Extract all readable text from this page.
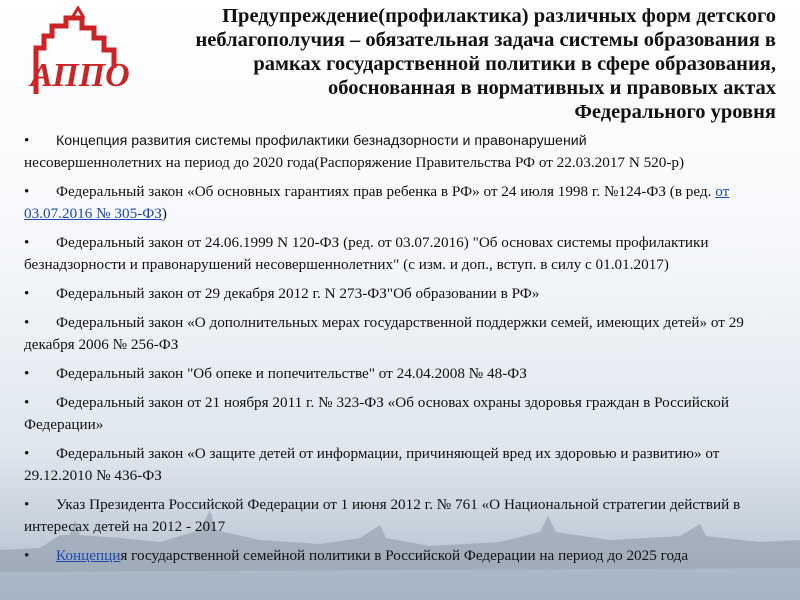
АППО
Предупреждение(профилактика) различных форм детского
неблагополучия – обязательная задача системы образования в
рамках государственной политики в сфере образования,
обоснованная в нормативных и правовых актах
Федерального уровня
• Концепция развития системы профилактики безнадзорности и правонарушений
несовершеннолетних на период до 2020 года(Распоряжение Правительства РФ от 22.03.2017 N 520-р)
• Федеральный закон «Об основных гарантиях прав ребенка в РФ» от 24 июля 1998 г. №124-ФЗ (в ред. от 03.07.2016 № 305-ФЗ)
• Федеральный закон от 24.06.1999 N 120-ФЗ (ред. от 03.07.2016) "Об основах системы профилактики безнадзорности и правонарушений несовершеннолетних" (с изм. и доп., вступ. в силу с 01.01.2017)
• Федеральный закон от 29 декабря 2012 г. N 273-ФЗ"Об образовании в РФ»
• Федеральный закон «О дополнительных мерах государственной поддержки семей, имеющих детей» от 29 декабря 2006 № 256-ФЗ
• Федеральный закон "Об опеке и попечительстве" от 24.04.2008 № 48-ФЗ
• Федеральный закон от 21 ноября 2011 г. № 323-ФЗ «Об основах охраны здоровья граждан в Российской Федерации»
• Федеральный закон «О защите детей от информации, причиняющей вред их здоровью и развитию» от 29.12.2010 № 436-ФЗ
• Указ Президента Российской Федерации от 1 июня 2012 г. № 761 «О Национальной стратегии действий в интересах детей на 2012 - 2017
• Концепция государственной семейной политики в Российской Федерации на период до 2025 года
